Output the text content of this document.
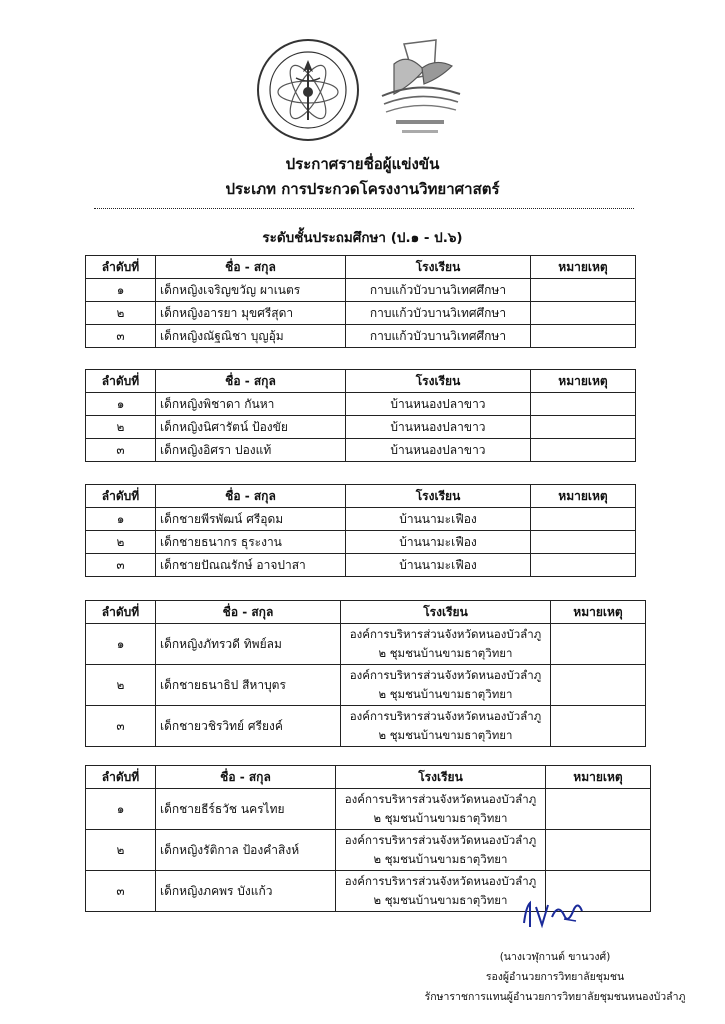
ประกาศรายชื่อผู้แข่งขัน
ประเภท การประกวดโครงงานวิทยาศาสตร์
ระดับชั้นประถมศึกษา (ป.๑ - ป.๖)
ลำดับที่	ชื่อ - สกุล	โรงเรียน	หมายเหตุ
๑	เด็กหญิงเจริญขวัญ ผาเนตร	กาบแก้วบัวบานวิเทศศึกษา	
๒	เด็กหญิงอารยา มุขศรีสุดา	กาบแก้วบัวบานวิเทศศึกษา	
๓	เด็กหญิงณัฐณิชา บุญอุ้ม	กาบแก้วบัวบานวิเทศศึกษา	
ลำดับที่	ชื่อ - สกุล	โรงเรียน	หมายเหตุ
๑	เด็กหญิงพิชาดา กันหา	บ้านหนองปลาขาว	
๒	เด็กหญิงนิศารัตน์ ป้องขัย	บ้านหนองปลาขาว	
๓	เด็กหญิงอิศรา ปองแท้	บ้านหนองปลาขาว	
ลำดับที่	ชื่อ - สกุล	โรงเรียน	หมายเหตุ
๑	เด็กชายพีรพัฒน์ ศรีอุดม	บ้านนามะเฟือง	
๒	เด็กชายธนากร ธุระงาน	บ้านนามะเฟือง	
๓	เด็กชายปัณณรักษ์ อาจปาสา	บ้านนามะเฟือง	
ลำดับที่	ชื่อ - สกุล	โรงเรียน	หมายเหตุ
๑	เด็กหญิงภัทรวดี ทิพย์ลม	องค์การบริหารส่วนจังหวัดหนองบัวลำภู ๒ ชุมชนบ้านขามธาตุวิทยา	
๒	เด็กชายธนาธิป สีหาบุตร	องค์การบริหารส่วนจังหวัดหนองบัวลำภู ๒ ชุมชนบ้านขามธาตุวิทยา	
๓	เด็กชายวชิรวิทย์ ศรียงค์	องค์การบริหารส่วนจังหวัดหนองบัวลำภู ๒ ชุมชนบ้านขามธาตุวิทยา	
ลำดับที่	ชื่อ - สกุล	โรงเรียน	หมายเหตุ
๑	เด็กชายธีร์ธวัช นครไทย	องค์การบริหารส่วนจังหวัดหนองบัวลำภู ๒ ชุมชนบ้านขามธาตุวิทยา	
๒	เด็กหญิงรัติกาล ป้องคำสิงห์	องค์การบริหารส่วนจังหวัดหนองบัวลำภู ๒ ชุมชนบ้านขามธาตุวิทยา	
๓	เด็กหญิงภคพร บังแก้ว	องค์การบริหารส่วนจังหวัดหนองบัวลำภู ๒ ชุมชนบ้านขามธาตุวิทยา	
(นางเวฬุกานต์ ขานวงศ์)
รองผู้อำนวยการวิทยาลัยชุมชน
รักษาราชการแทนผู้อำนวยการวิทยาลัยชุมชนหนองบัวลำภู
